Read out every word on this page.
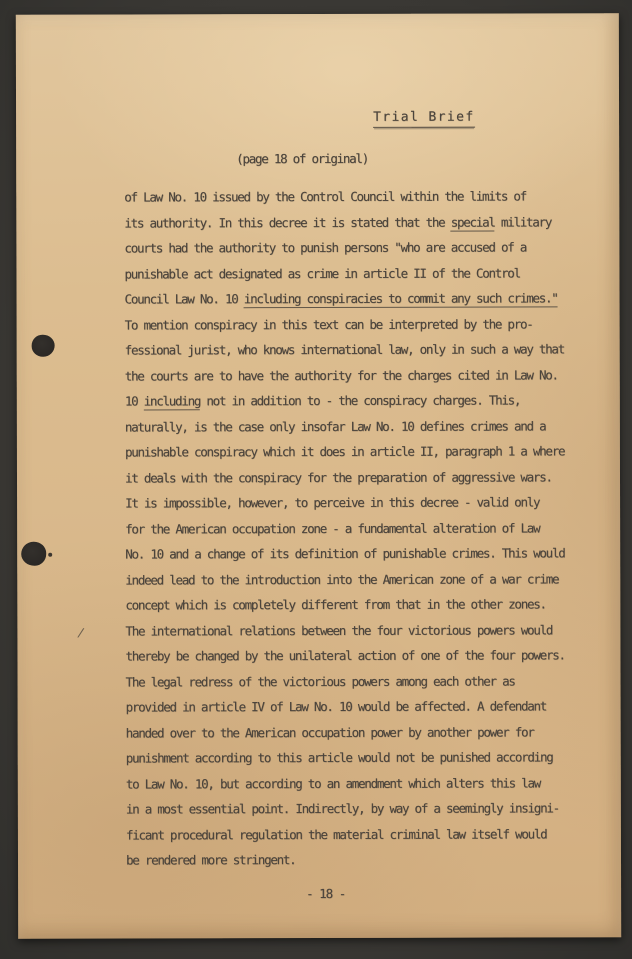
Trial Brief
(page 18 of original)
of Law No. 10 issued by the Control Council within the limits of
its authority. In this decree it is stated that the special military
courts had the authority to punish persons "who are accused of a
punishable act designated as crime in article II of the Control
Council Law No. 10 including conspiracies to commit any such crimes."
To mention conspiracy in this text can be interpreted by the pro-
fessional jurist, who knows international law, only in such a way that
the courts are to have the authority for the charges cited in Law No.
10 including not in addition to - the conspiracy charges. This,
naturally, is the case only insofar Law No. 10 defines crimes and a
punishable conspiracy which it does in article II, paragraph 1 a where
it deals with the conspiracy for the preparation of aggressive wars.
It is impossible, however, to perceive in this decree - valid only
for the American occupation zone - a fundamental alteration of Law
No. 10 and a change of its definition of punishable crimes. This would
indeed lead to the introduction into the American zone of a war crime
concept which is completely different from that in the other zones.
The international relations between the four victorious powers would
thereby be changed by the unilateral action of one of the four powers.
The legal redress of the victorious powers among each other as
provided in article IV of Law No. 10 would be affected. A defendant
handed over to the American occupation power by another power for
punishment according to this article would not be punished according
to Law No. 10, but according to an amendment which alters this law
in a most essential point. Indirectly, by way of a seemingly insigni-
ficant procedural regulation the material criminal law itself would
be rendered more stringent.
/
- 18 -
